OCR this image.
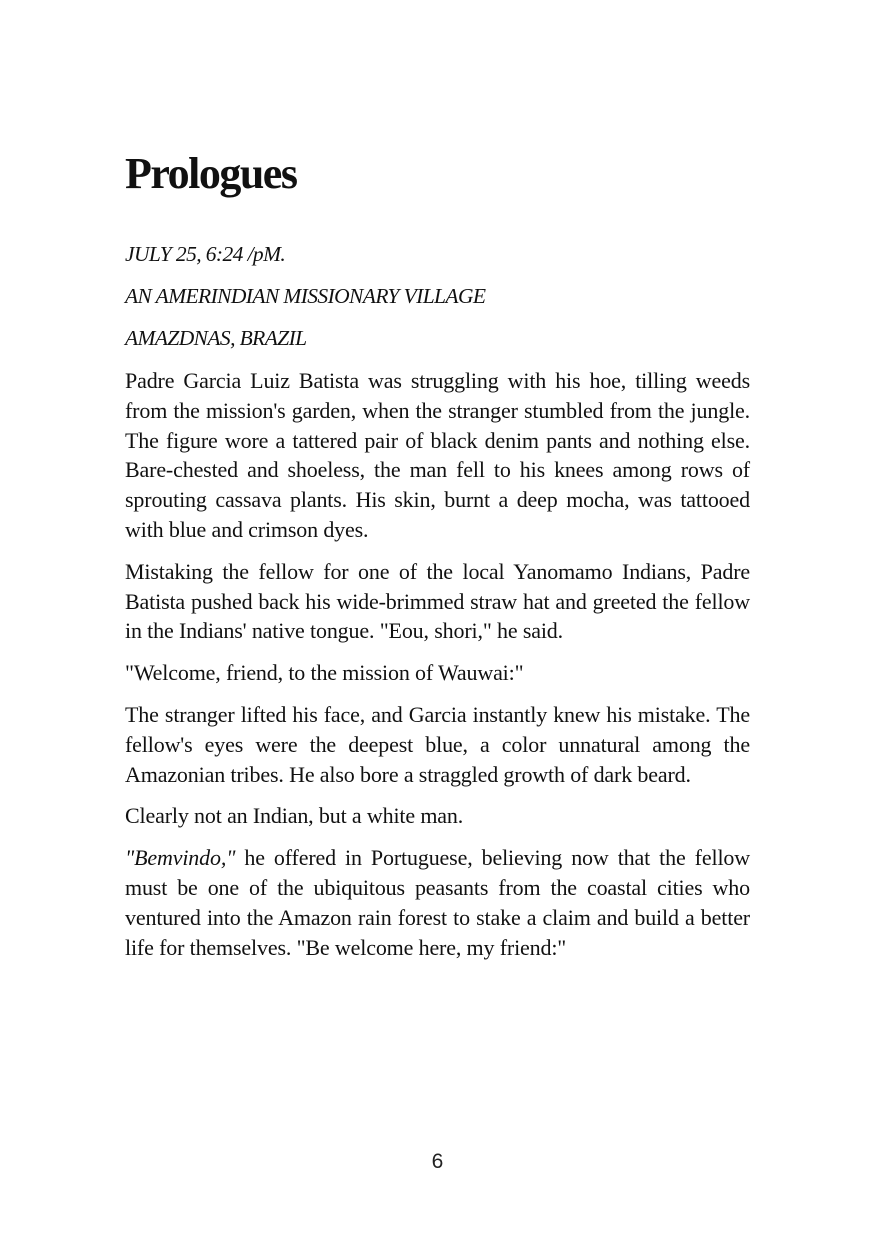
Prologues

JULY 25, 6:24 /pM.

AN AMERINDIAN MISSIONARY VILLAGE

AMAZDNAS, BRAZIL

Padre Garcia Luiz Batista was struggling with his hoe, tilling weeds from the mission's garden, when the stranger stumbled from the jungle. The figure wore a tattered pair of black denim pants and nothing else. Bare-chested and shoeless, the man fell to his knees among rows of sprouting cassava plants. His skin, burnt a deep mocha, was tattooed with blue and crimson dyes.

Mistaking the fellow for one of the local Yanomamo Indians, Padre Batista pushed back his wide-brimmed straw hat and greeted the fellow in the Indians' native tongue. "Eou, shori," he said.

"Welcome, friend, to the mission of Wauwai:"

The stranger lifted his face, and Garcia instantly knew his mistake. The fellow's eyes were the deepest blue, a color unnatural among the Amazonian tribes. He also bore a straggled growth of dark beard.

Clearly not an Indian, but a white man.

"Bemvindo," he offered in Portuguese, believing now that the fellow must be one of the ubiquitous peasants from the coastal cities who ventured into the Amazon rain forest to stake a claim and build a better life for themselves. "Be welcome here, my friend:"

6
